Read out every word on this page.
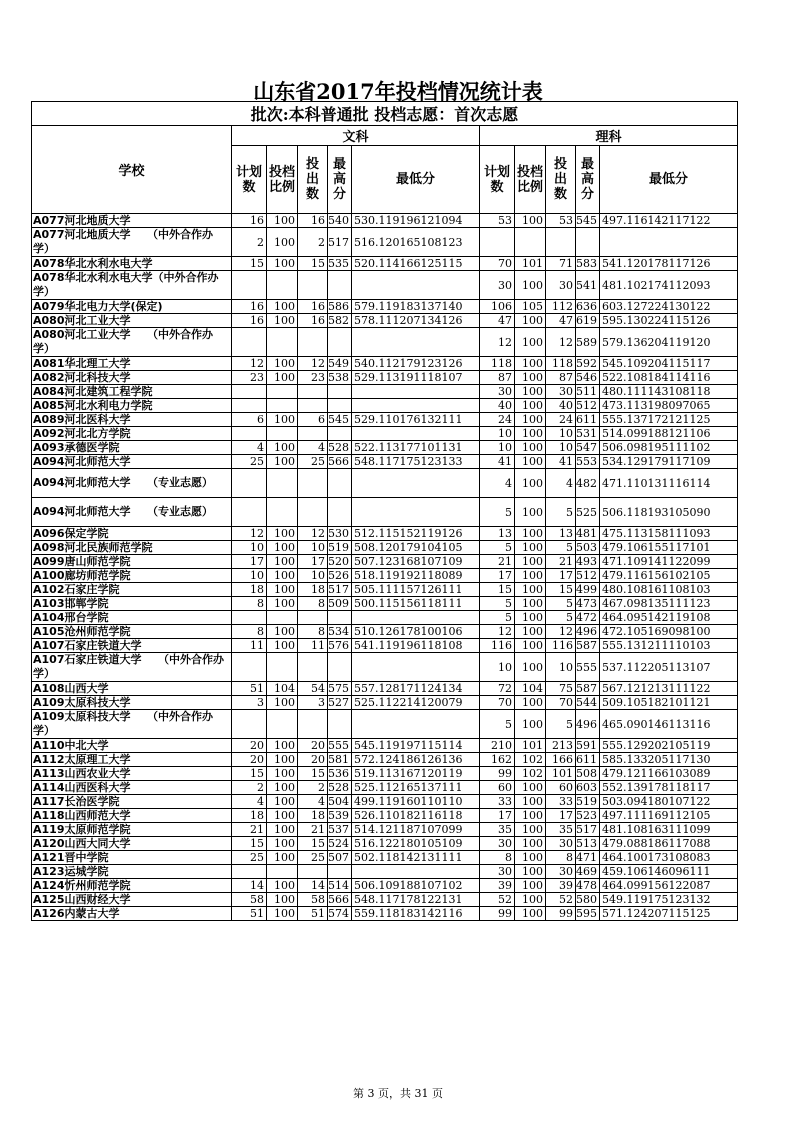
山东省2017年投档情况统计表
批次:本科普通批 投档志愿：首次志愿										
学校	文科					理科				
	计划数	投档比例	投出数	最高分	最低分	计划数	投档比例	投出数	最高分	最低分
A077河北地质大学	16	100	16	540	530.119196121094	53	100	53	545	497.116142117122
A077河北地质大学　　（中外合作办学）	2	100	2	517	516.120165108123					
A078华北水利水电大学	15	100	15	535	520.114166125115	70	101	71	583	541.120178117126
A078华北水利水电大学（中外合作办学）						30	100	30	541	481.102174112093
A079华北电力大学(保定)	16	100	16	586	579.119183137140	106	105	112	636	603.127224130122
A080河北工业大学	16	100	16	582	578.111207134126	47	100	47	619	595.130224115126
A080河北工业大学　　（中外合作办学）						12	100	12	589	579.136204119120
A081华北理工大学	12	100	12	549	540.112179123126	118	100	118	592	545.109204115117
A082河北科技大学	23	100	23	538	529.113191118107	87	100	87	546	522.108184114116
A084河北建筑工程学院						30	100	30	511	480.111143108118
A085河北水利电力学院						40	100	40	512	473.113198097065
A089河北医科大学	6	100	6	545	529.110176132111	24	100	24	611	555.137172121125
A092河北北方学院						10	100	10	531	514.099188121106
A093承德医学院	4	100	4	528	522.113177101131	10	100	10	547	506.098195111102
A094河北师范大学	25	100	25	566	548.117175123133	41	100	41	553	534.129179117109
A094河北师范大学　　（专业志愿）						4	100	4	482	471.110131116114
A094河北师范大学　　（专业志愿）						5	100	5	525	506.118193105090
A096保定学院	12	100	12	530	512.115152119126	13	100	13	481	475.113158111093
A098河北民族师范学院	10	100	10	519	508.120179104105	5	100	5	503	479.106155117101
A099唐山师范学院	17	100	17	520	507.123168107109	21	100	21	493	471.109141122099
A100廊坊师范学院	10	100	10	526	518.119192118089	17	100	17	512	479.116156102105
A102石家庄学院	18	100	18	517	505.111157126111	15	100	15	499	480.108161108103
A103邯郸学院	8	100	8	509	500.115156118111	5	100	5	473	467.098135111123
A104邢台学院						5	100	5	472	464.095142119108
A105沧州师范学院	8	100	8	534	510.126178100106	12	100	12	496	472.105169098100
A107石家庄铁道大学	11	100	11	576	541.119196118108	116	100	116	587	555.131211110103
A107石家庄铁道大学　　（中外合作办学）						10	100	10	555	537.112205113107
A108山西大学	51	104	54	575	557.128171124134	72	104	75	587	567.121213111122
A109太原科技大学	3	100	3	527	525.112214120079	70	100	70	544	509.105182101121
A109太原科技大学　　（中外合作办学）						5	100	5	496	465.090146113116
A110中北大学	20	100	20	555	545.119197115114	210	101	213	591	555.129202105119
A112太原理工大学	20	100	20	581	572.124186126136	162	102	166	611	585.133205117130
A113山西农业大学	15	100	15	536	519.113167120119	99	102	101	508	479.121166103089
A114山西医科大学	2	100	2	528	525.112165137111	60	100	60	603	552.139178118117
A117长治医学院	4	100	4	504	499.119160110110	33	100	33	519	503.094180107122
A118山西师范大学	18	100	18	539	526.110182116118	17	100	17	523	497.111169112105
A119太原师范学院	21	100	21	537	514.121187107099	35	100	35	517	481.108163111099
A120山西大同大学	15	100	15	524	516.122180105109	30	100	30	513	479.088186117088
A121晋中学院	25	100	25	507	502.118142131111	8	100	8	471	464.100173108083
A123运城学院						30	100	30	469	459.106146096111
A124忻州师范学院	14	100	14	514	506.109188107102	39	100	39	478	464.099156122087
A125山西财经大学	58	100	58	566	548.117178122131	52	100	52	580	549.119175123132
A126内蒙古大学	51	100	51	574	559.118183142116	99	100	99	595	571.124207115125
第 3 页，共 31 页
